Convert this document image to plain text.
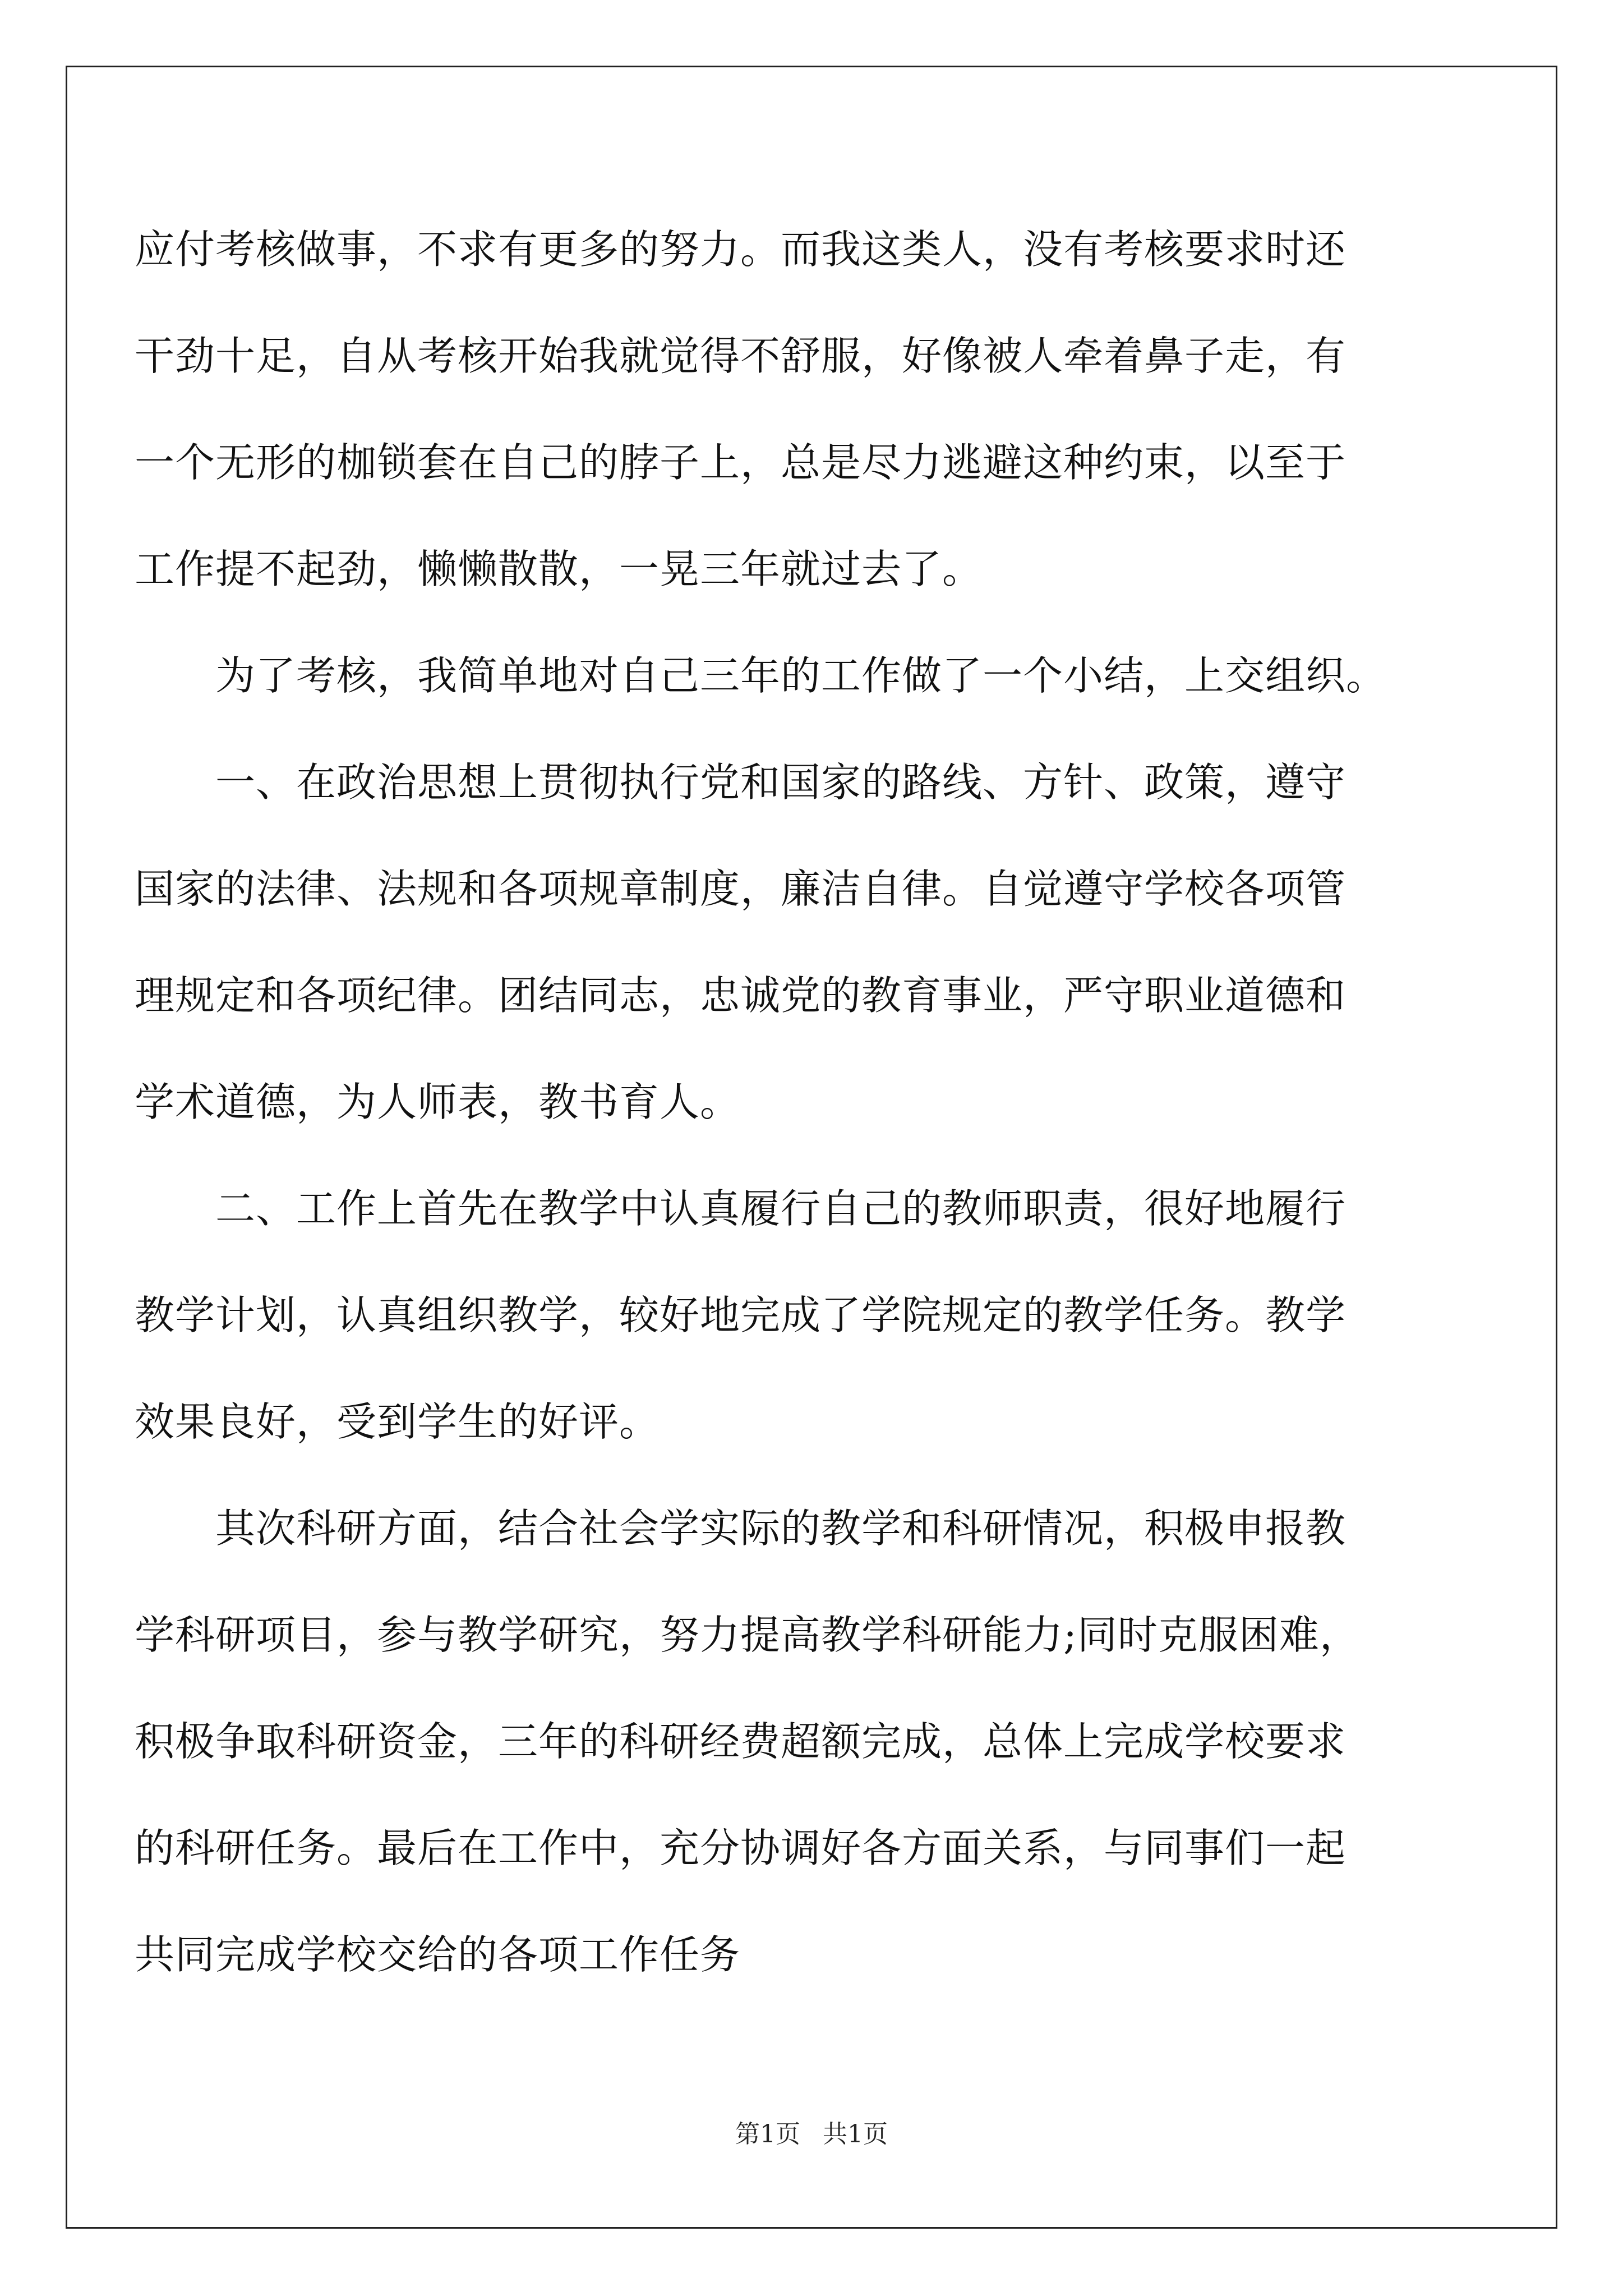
应付考核做事，不求有更多的努力。而我这类人，没有考核要求时还
干劲十足，自从考核开始我就觉得不舒服，好像被人牵着鼻子走，有
一个无形的枷锁套在自己的脖子上，总是尽力逃避这种约束，以至于
工作提不起劲，懒懒散散，一晃三年就过去了。
　　为了考核，我简单地对自己三年的工作做了一个小结，上交组织。
　　一、在政治思想上贯彻执行党和国家的路线、方针、政策，遵守
国家的法律、法规和各项规章制度，廉洁自律。自觉遵守学校各项管
理规定和各项纪律。团结同志，忠诚党的教育事业，严守职业道德和
学术道德，为人师表，教书育人。
　　二、工作上首先在教学中认真履行自己的教师职责，很好地履行
教学计划，认真组织教学，较好地完成了学院规定的教学任务。教学
效果良好，受到学生的好评。
　　其次科研方面，结合社会学实际的教学和科研情况，积极申报教
学科研项目，参与教学研究，努力提高教学科研能力;同时克服困难，
积极争取科研资金，三年的科研经费超额完成，总体上完成学校要求
的科研任务。最后在工作中，充分协调好各方面关系，与同事们一起
共同完成学校交给的各项工作任务
第1页 共1页
